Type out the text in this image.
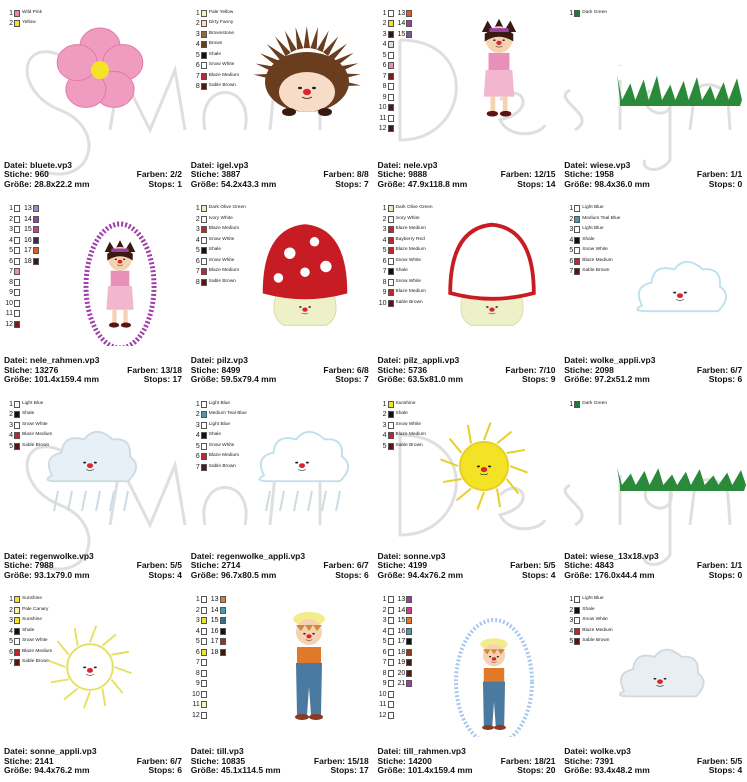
1 Wild Pink
2 Yellow
Datei: bluete.vp3
Stiche: 960	Farben: 2/2
Größe: 28.8x22.2 mm	Stops: 1
1 Pale Yellow
2 Dirty Fanny
3 Brownstone
4 Brown
5 Shale
6 Snow White
7 Blaze Medium
8 Sable Brown
Datei: igel.vp3
Stiche: 3887	Farben: 8/8
Größe: 54.2x43.3 mm	Stops: 7
1 13
2 14
3 15
4
5
6
7
8
9
10
11
12
Datei: nele.vp3
Stiche: 9888	Farben: 12/15
Größe: 47.9x118.8 mm	Stops: 14
1 Dark Green
Datei: wiese.vp3
Stiche: 1958	Farben: 1/1
Größe: 98.4x36.0 mm	Stops: 0
1 13
2 14
3 15
4 16
5 17
6 18
7
8
9
10
11
12
Datei: nele_rahmen.vp3
Stiche: 13276	Farben: 13/18
Größe: 101.4x159.4 mm	Stops: 17
1 Dark Olive Green
2 Ivory White
3 Blaze Medium
4 Snow White
5 Shale
6 Snow White
7 Blaze Medium
8 Sable Brown
Datei: pilz.vp3
Stiche: 8499	Farben: 6/8
Größe: 59.5x79.4 mm	Stops: 7
1 Dark Olive Green
2 Ivory White
3 Blaze Medium
4 Bayberry Red
5 Blaze Medium
6 Snow White
7 Shale
8 Snow White
9 Blaze Medium
10 Sable Brown
Datei: pilz_appli.vp3
Stiche: 5736	Farben: 7/10
Größe: 63.5x81.0 mm	Stops: 9
1 Light Blue
2 Medium Teal Blue
3 Light Blue
4 Shale
5 Snow White
6 Blaze Medium
7 Sable Brown
Datei: wolke_appli.vp3
Stiche: 2098	Farben: 6/7
Größe: 97.2x51.2 mm	Stops: 6
1 Light Blue
2 Shale
3 Snow White
4 Blaze Medium
5 Sable Brown
Datei: regenwolke.vp3
Stiche: 7988	Farben: 5/5
Größe: 93.1x79.0 mm	Stops: 4
1 Light Blue
2 Medium Teal Blue
3 Light Blue
4 Shale
5 Snow White
6 Blaze Medium
7 Sable Brown
Datei: regenwolke_appli.vp3
Stiche: 2714	Farben: 6/7
Größe: 96.7x80.5 mm	Stops: 6
1 Sunshine
2 Shale
3 Snow White
4 Blaze Medium
5 Sable Brown
Datei: sonne.vp3
Stiche: 4199	Farben: 5/5
Größe: 94.4x76.2 mm	Stops: 4
1 Dark Green
Datei: wiese_13x18.vp3
Stiche: 4843	Farben: 1/1
Größe: 176.0x44.4 mm	Stops: 0
1 Sunshine
2 Pale Canary
3 Sunshine
4 Shale
5 Snow White
6 Blaze Medium
7 Sable Brown
Datei: sonne_appli.vp3
Stiche: 2141	Farben: 6/7
Größe: 94.4x76.2 mm	Stops: 6
1 13
2 14
3 15
4 16
5 17
6 18
7
8
9
10
11
12
Datei: till.vp3
Stiche: 10835	Farben: 15/18
Größe: 45.1x114.5 mm	Stops: 17
1 13
2 14
3 15
4 16
5 17
6 18
7 19
8 20
9 21
10
11
12
Datei: till_rahmen.vp3
Stiche: 14200	Farben: 18/21
Größe: 101.4x159.4 mm	Stops: 20
1 Light Blue
2 Shale
3 Snow White
4 Blaze Medium
5 Sable Brown
Datei: wolke.vp3
Stiche: 7391	Farben: 5/5
Größe: 93.4x48.2 mm	Stops: 4
